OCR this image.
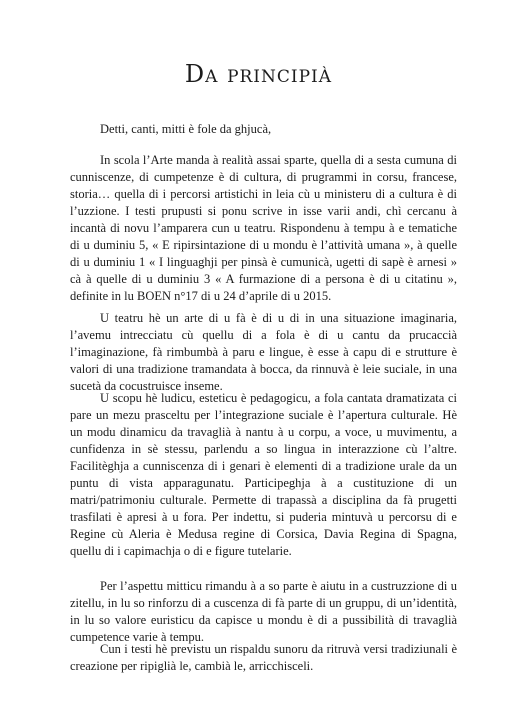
Da principià

Detti, canti, mitti è fole da ghjucà,

In scola l’Arte manda à realità assai sparte, quella di a sesta cumuna di cunniscenze, di cumpetenze è di cultura, di prugrammi in corsu, francese, storia… quella di i percorsi artistichi in leia cù u ministeru di a cultura è di l’uzzione. I testi prupusti si ponu scrive in isse varii andi, chì cercanu à incantà di novu l’amparera cun u teatru. Rispondenu à tempu à e tematiche di u duminiu 5, « E ripirsintazione di u mondu è l’attività umana », à quelle di u duminiu 1 « I linguaghji per pinsà è cumunicà, ugetti di sapè è arnesi » cà à quelle di u duminiu 3 « A furmazione di a persona è di u citatinu », definite in lu BOEN n°17 di u 24 d’aprile di u 2015.

U teatru hè un arte di u fà è di u di in una situazione imaginaria, l’avemu intrecciatu cù quellu di a fola è di u cantu da prucaccià l’imaginazione, fà rimbumbà à paru e lingue, è esse à capu di e strutture è valori di una tradizione tramandata à bocca, da rinnuvà è leie suciale, in una sucetà da cocustruisce inseme.

U scopu hè ludicu, esteticu è pedagogicu, a fola cantata dramatizata ci pare un mezu prasceltu per l’integrazione suciale è l’apertura culturale. Hè un modu dinamicu da travaglià à nantu à u corpu, a voce, u muvimentu, a cunfidenza in sè stessu, parlendu a so lingua in interazzione cù l’altre. Facilitèghja a cunniscenza di i genari è elementi di a tradizione urale da un puntu di vista apparagunatu. Participeghja à a custituzione di un matri/patrimoniu culturale. Permette di trapassà a disciplina da fà prugetti trasfilati è apresi à u fora. Per indettu, si puderia mintuvà u percorsu di e Regine cù Aleria è Medusa regine di Corsica, Davia Regina di Spagna, quellu di i capimachja o di e figure tutelarie.

Per l’aspettu mitticu rimandu à a so parte è aiutu in a custruzzione di u zitellu, in lu so rinforzu di a cuscenza di fà parte di un gruppu, di un’identità, in lu so valore euristicu da capisce u mondu è di a pussibilità di travaglià cumpetence varie à tempu.

Cun i testi hè previstu un rispaldu sunoru da ritruvà versi tradiziunali è creazione per ripiglià le, cambià le, arricchisceli.
